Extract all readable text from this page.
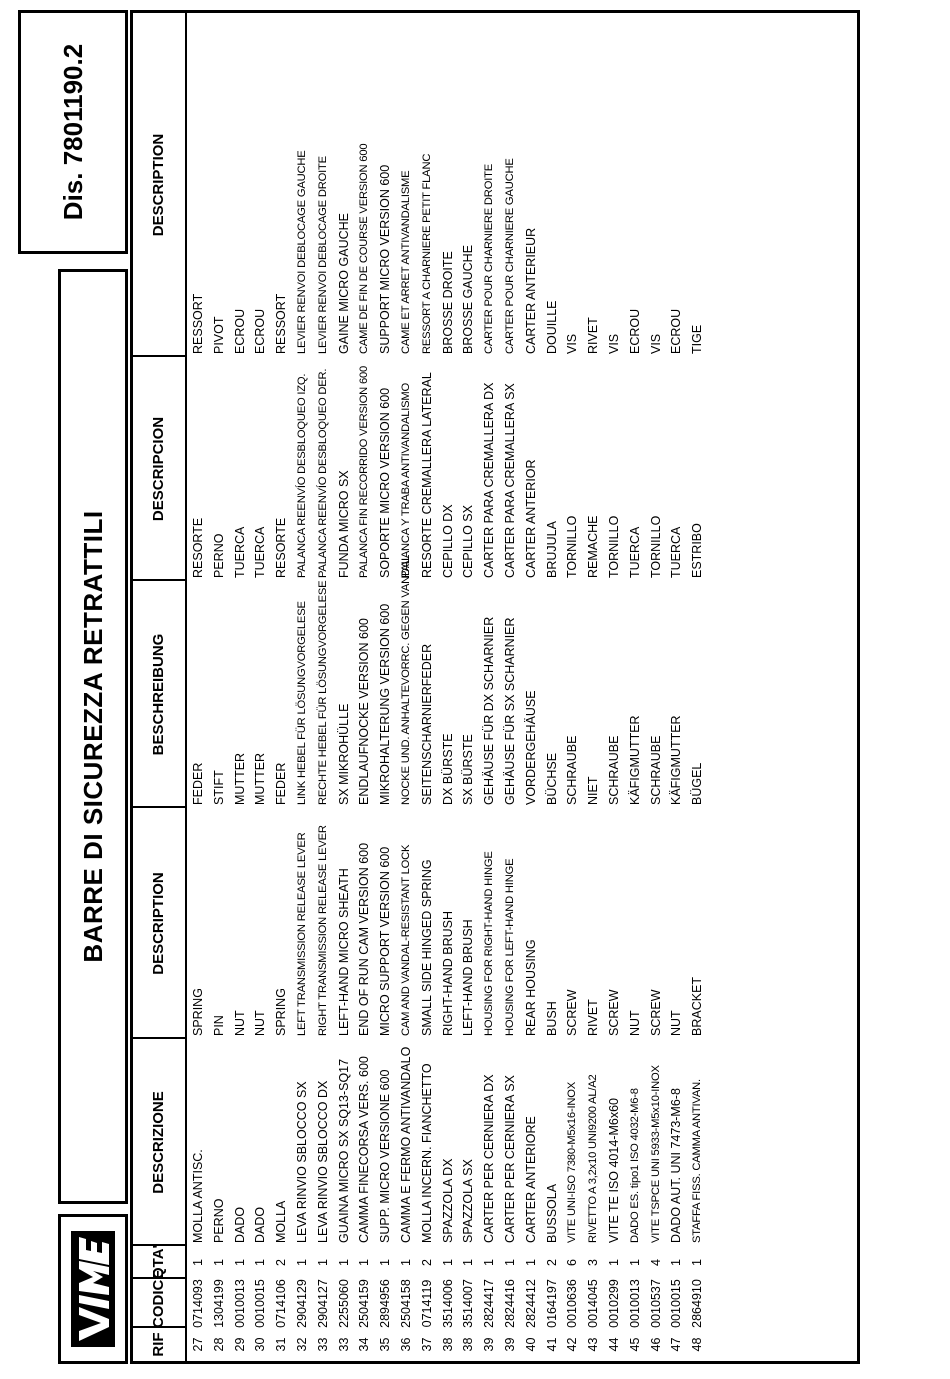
BARRE DI SICUREZZA RETRATTILI
Dis. 7801190.2
RIF
CODICE
QTA'
DESCRIZIONE
DESCRIPTION
BESCHREIBUNG
DESCRIPCION
DESCRIPTION
27
0714093
1
MOLLA ANTISC.
SPRING
FEDER
RESORTE
RESSORT
28
1304199
1
PERNO
PIN
STIFT
PERNO
PIVOT
29
0010013
1
DADO
NUT
MUTTER
TUERCA
ECROU
30
0010015
1
DADO
NUT
MUTTER
TUERCA
ECROU
31
0714106
2
MOLLA
SPRING
FEDER
RESORTE
RESSORT
32
2904129
1
LEVA RINVIO SBLOCCO SX
LEFT TRANSMISSION RELEASE LEVER
LINK HEBEL FÜR LÖSUNGVORGELESE
PALANCA REENVÍO DESBLOQUEO IZQ.
LEVIER RENVOI DEBLOCAGE GAUCHE
33
2904127
1
LEVA RINVIO SBLOCCO DX
RIGHT TRANSMISSION RELEASE LEVER
RECHTE HEBEL FÜR LÖSUNGVORGELESE
PALANCA REENVÍO DESBLOQUEO DER.
LEVIER RENVOI DEBLOCAGE DROITE
33
2255060
1
GUAINA MICRO SX SQ13-SQ17
LEFT-HAND MICRO SHEATH
SX MIKROHÜLLE
FUNDA MICRO SX
GAINE MICRO GAUCHE
34
2504159
1
CAMMA FINECORSA VERS. 600
END OF RUN CAM VERSION 600
ENDLAUFNOCKE VERSION 600
PALANCA FIN RECORRIDO VERSION 600
CAME DE FIN DE COURSE VERSION 600
35
2894956
1
SUPP. MICRO VERSIONE 600
MICRO SUPPORT VERSION 600
MIKROHALTERUNG VERSION 600
SOPORTE MICRO VERSION 600
SUPPORT MICRO VERSION 600
36
2504158
1
CAMMA E FERMO ANTIVANDALO
CAM AND VANDAL-RESISTANT LOCK
NOCKE UND. ANHALTEVORRC. GEGEN VANDAL
PALANCA Y TRABA ANTIVANDALISMO
CAME ET ARRET ANTIVANDALISME
37
0714119
2
MOLLA INCERN. FIANCHETTO
SMALL SIDE HINGED SPRING
SEITENSCHARNIERFEDER
RESORTE CREMALLERA LATERAL
RESSORT A CHARNIERE PETIT FLANC
38
3514006
1
SPAZZOLA DX
RIGHT-HAND BRUSH
DX BÜRSTE
CEPILLO DX
BROSSE DROITE
38
3514007
1
SPAZZOLA SX
LEFT-HAND BRUSH
SX BÜRSTE
CEPILLO SX
BROSSE GAUCHE
39
2824417
1
CARTER PER CERNIERA DX
HOUSING FOR RIGHT-HAND HINGE
GEHÄUSE FÜR DX SCHARNIER
CARTER PARA CREMALLERA DX
CARTER POUR CHARNIERE DROITE
39
2824416
1
CARTER PER CERNIERA SX
HOUSING FOR LEFT-HAND HINGE
GEHÄUSE FÜR SX SCHARNIER
CARTER PARA CREMALLERA SX
CARTER POUR CHARNIERE GAUCHE
40
2824412
1
CARTER ANTERIORE
REAR HOUSING
VORDERGEHÄUSE
CARTER ANTERIOR
CARTER ANTERIEUR
41
0164197
2
BUSSOLA
BUSH
BÜCHSE
BRUJULA
DOUILLE
42
0010636
6
VITE UNI-ISO 7380-M5x16-INOX
SCREW
SCHRAUBE
TORNILLO
VIS
43
0014045
3
RIVETTO A 3,2x10 UNI9200 AL/A2
RIVET
NIET
REMACHE
RIVET
44
0010299
1
VITE TE ISO 4014-M6x60
SCREW
SCHRAUBE
TORNILLO
VIS
45
0010013
1
DADO ES. tipo1 ISO 4032-M6-8
NUT
KÄFIGMUTTER
TUERCA
ECROU
46
0010537
4
VITE TSPCE UNI 5933-M5x10-INOX
SCREW
SCHRAUBE
TORNILLO
VIS
47
0010015
1
DADO AUT. UNI 7473-M6-8
NUT
KÄFIGMUTTER
TUERCA
ECROU
48
2864910
1
STAFFA FISS. CAMMA ANTIVAN.
BRACKET
BÜGEL
ESTRIBO
TIGE
